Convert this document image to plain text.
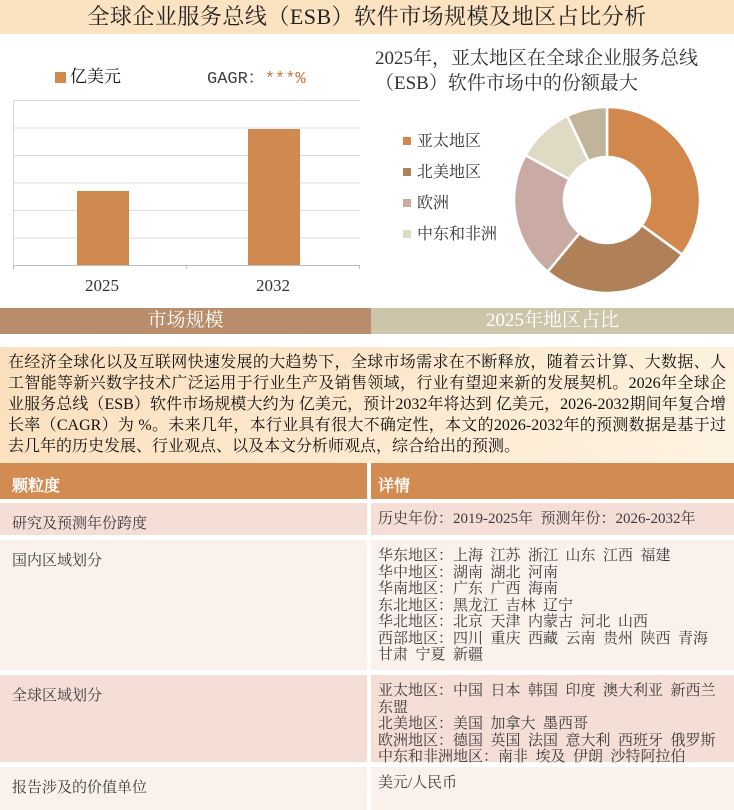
全球企业服务总线（ESB）软件市场规模及地区占比分析
亿美元	GAGR：***%
2025	2032
2025年，亚太地区在全球企业服务总线（ESB）软件市场中的份额最大
亚太地区
北美地区
欧洲
中东和非洲
市场规模	2025年地区占比
在经济全球化以及互联网快速发展的大趋势下，全球市场需求在不断释放，随着云计算、大数据、人工智能等新兴数字技术广泛运用于行业生产及销售领域，行业有望迎来新的发展契机。2026年全球企业服务总线（ESB）软件市场规模大约为 亿美元，预计2032年将达到 亿美元，2026-2032期间年复合增长率（CAGR）为 %。未来几年，本行业具有很大不确定性，本文的2026-2032年的预测数据是基于过去几年的历史发展、行业观点、以及本文分析师观点，综合给出的预测。
颗粒度	详情
研究及预测年份跨度	历史年份：2019-2025年  预测年份：2026-2032年
国内区域划分	华东地区：上海  江苏  浙江  山东  江西  福建
华中地区：湖南  湖北  河南
华南地区：广东  广西  海南
东北地区：黑龙江  吉林  辽宁
华北地区：北京  天津  内蒙古  河北  山西
西部地区：四川  重庆  西藏  云南  贵州  陕西  青海  甘肃  宁夏  新疆
全球区域划分	亚太地区：中国  日本  韩国  印度  澳大利亚  新西兰  东盟
北美地区：美国  加拿大  墨西哥
欧洲地区：德国  英国  法国  意大利  西班牙  俄罗斯
中东和非洲地区：南非  埃及  伊朗  沙特阿拉伯
报告涉及的价值单位	美元/人民币
